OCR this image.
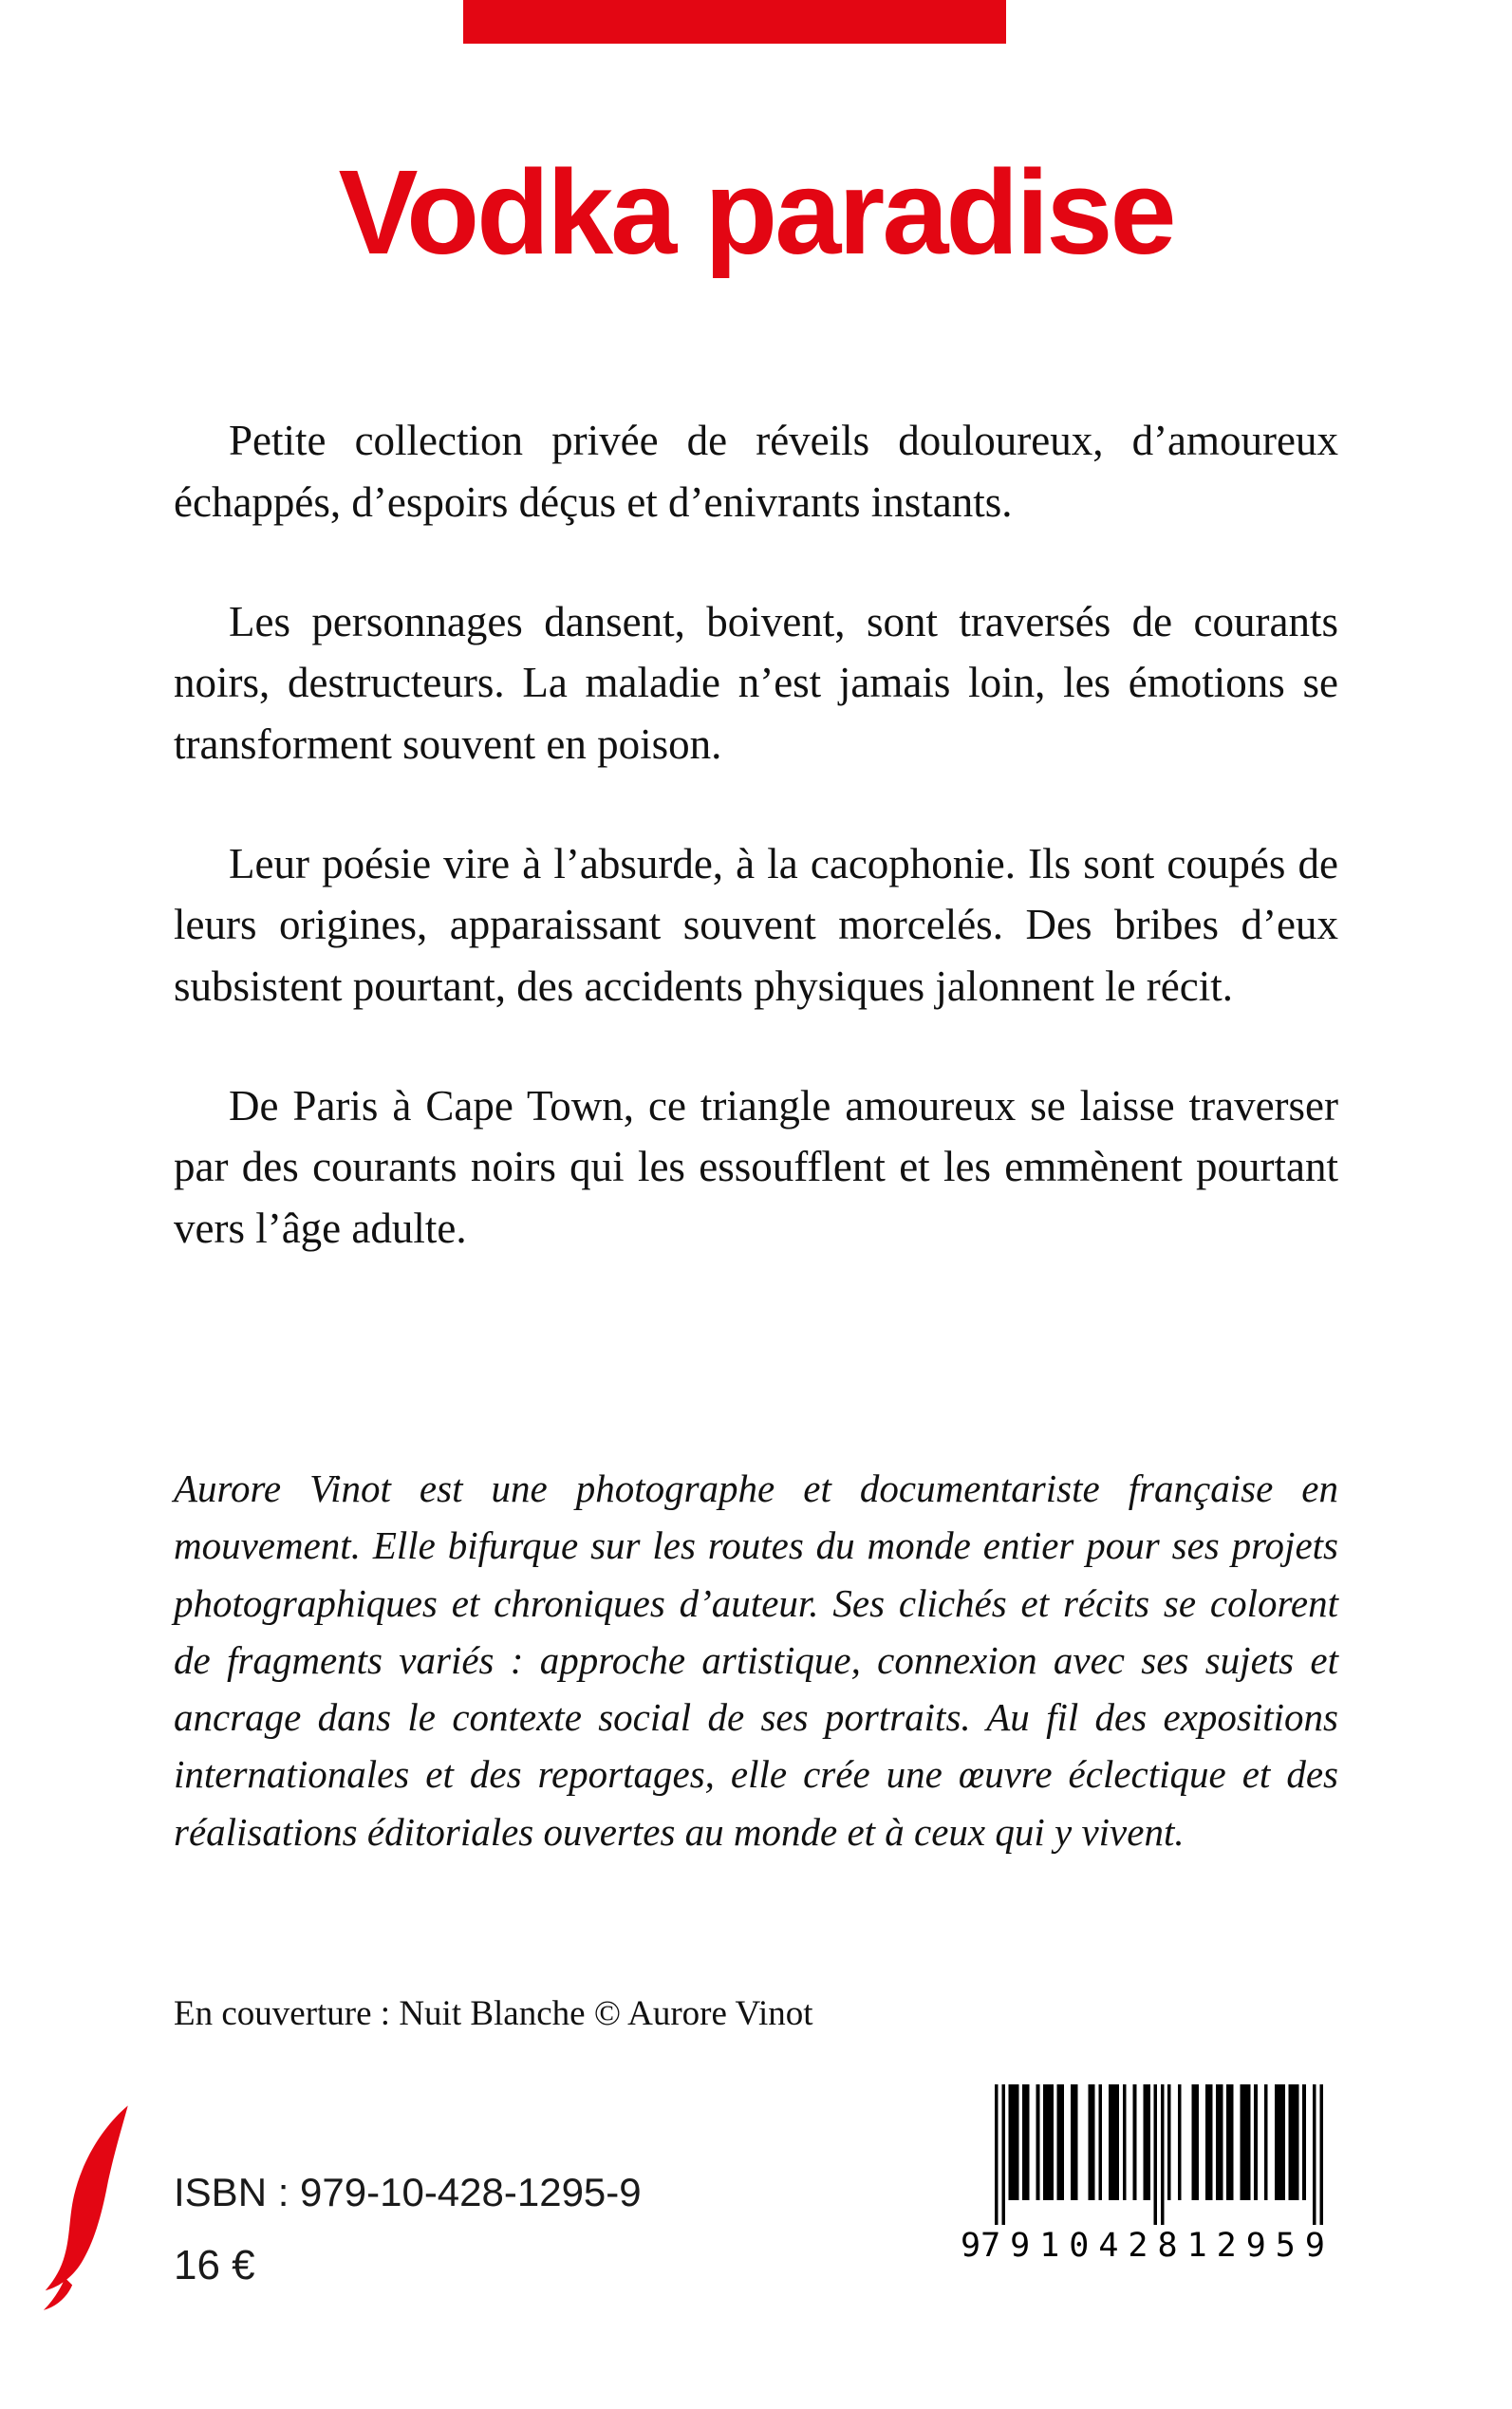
Vodka paradise

Petite collection privée de réveils douloureux, d’amoureux échappés, d’espoirs déçus et d’enivrants instants.

Les personnages dansent, boivent, sont traversés de courants noirs, destructeurs. La maladie n’est jamais loin, les émotions se transforment souvent en poison.

Leur poésie vire à l’absurde, à la cacophonie. Ils sont coupés de leurs origines, apparaissant souvent morcelés. Des bribes d’eux subsistent pourtant, des accidents physiques jalonnent le récit.

De Paris à Cape Town, ce triangle amoureux se laisse traverser par des courants noirs qui les essoufflent et les emmènent pourtant vers l’âge adulte.

Aurore Vinot est une photographe et documentariste française en mouvement. Elle bifurque sur les routes du monde entier pour ses projets photographiques et chroniques d’auteur. Ses clichés et récits se colorent de fragments variés : approche artistique, connexion avec ses sujets et ancrage dans le contexte social de ses portraits. Au fil des expositions internationales et des reportages, elle crée une œuvre éclectique et des réalisations éditoriales ouvertes au monde et à ceux qui y vivent.

En couverture : Nuit Blanche © Aurore Vinot

ISBN : 979-10-428-1295-9
16 €	9 791042 812959
